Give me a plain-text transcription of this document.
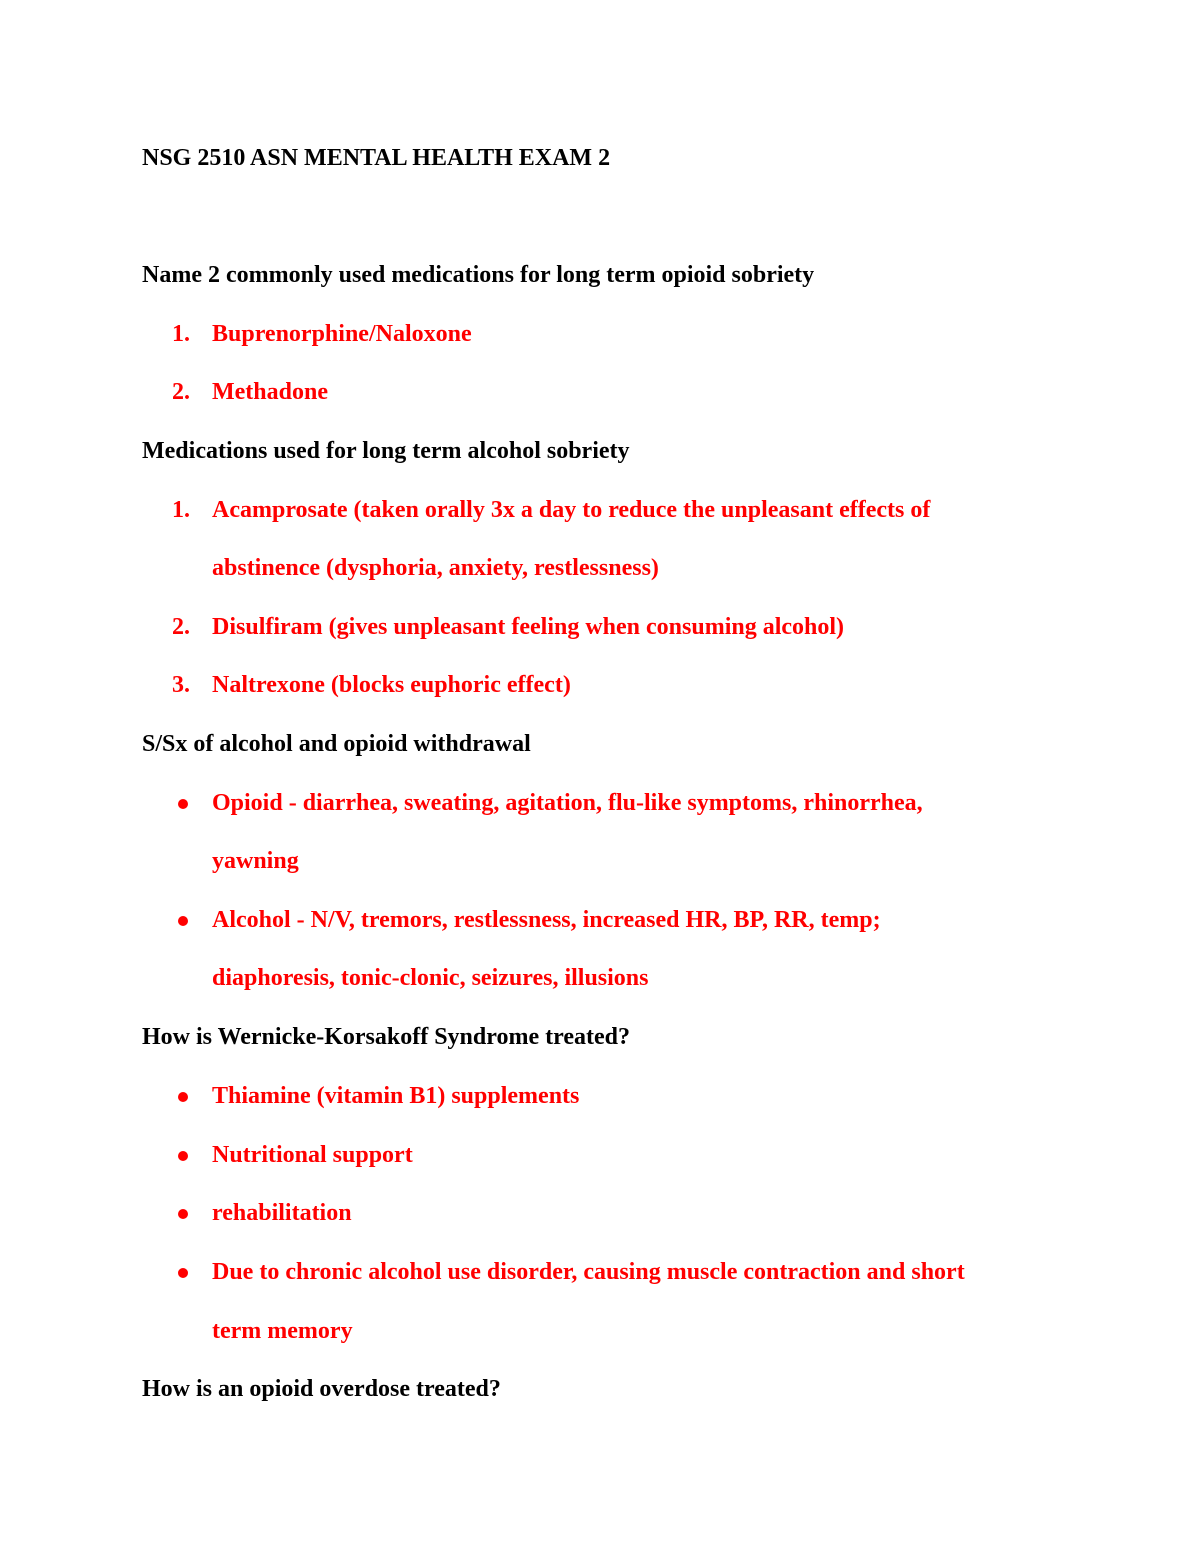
NSG 2510 ASN MENTAL HEALTH EXAM 2
Name 2 commonly used medications for long term opioid sobriety
1. Buprenorphine/Naloxone
2. Methadone
Medications used for long term alcohol sobriety
1. Acamprosate (taken orally 3x a day to reduce the unpleasant effects of
abstinence (dysphoria, anxiety, restlessness)
2. Disulfiram (gives unpleasant feeling when consuming alcohol)
3. Naltrexone (blocks euphoric effect)
S/Sx of alcohol and opioid withdrawal
Opioid - diarrhea, sweating, agitation, flu-like symptoms, rhinorrhea,
yawning
Alcohol - N/V, tremors, restlessness, increased HR, BP, RR, temp;
diaphoresis, tonic-clonic, seizures, illusions
How is Wernicke-Korsakoff Syndrome treated?
Thiamine (vitamin B1) supplements
Nutritional support
rehabilitation
Due to chronic alcohol use disorder, causing muscle contraction and short
term memory
How is an opioid overdose treated?
